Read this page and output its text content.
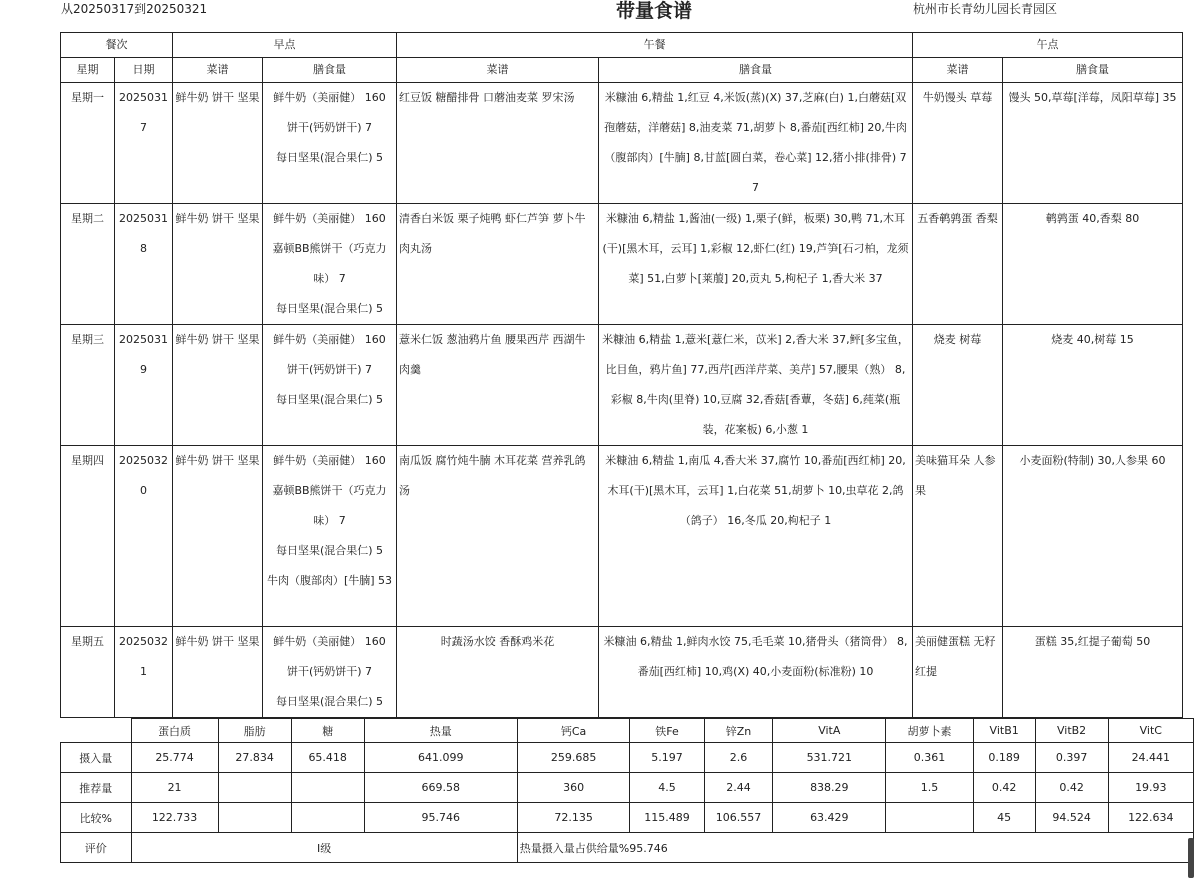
从20250317到20250321	带量食谱	杭州市长青幼儿园长青园区
餐次		早点		午餐		午点	
星期	日期	菜谱	膳食量	菜谱	膳食量	菜谱	膳食量
星期一	20250317	鲜牛奶 饼干 坚果	鲜牛奶（美丽健） 160
饼干(钙奶饼干) 7
每日坚果(混合果仁) 5	红豆饭 糖醋排骨 口蘑油麦菜 罗宋汤	米糠油 6,精盐 1,红豆 4,米饭(蒸)(X) 37,芝麻(白) 1,白蘑菇[双孢蘑菇，洋蘑菇] 8,油麦菜 71,胡萝卜 8,番茄[西红柿] 20,牛肉（腹部肉）[牛腩] 8,甘蓝[圆白菜，卷心菜] 12,猪小排(排骨) 77	牛奶馒头 草莓	馒头 50,草莓[洋莓，凤阳草莓] 35
星期二	20250318	鲜牛奶 饼干 坚果	鲜牛奶（美丽健） 160
嘉顿BB熊饼干（巧克力味） 7
每日坚果(混合果仁) 5	清香白米饭 栗子炖鸭 虾仁芦笋 萝卜牛肉丸汤	米糠油 6,精盐 1,酱油(一级) 1,栗子(鲜，板栗) 30,鸭 71,木耳(干)[黑木耳，云耳] 1,彩椒 12,虾仁(红) 19,芦笋[石刁柏，龙须菜] 51,白萝卜[莱菔] 20,贡丸 5,枸杞子 1,香大米 37	五香鹌鹑蛋 香梨	鹌鹑蛋 40,香梨 80
星期三	20250319	鲜牛奶 饼干 坚果	鲜牛奶（美丽健） 160
饼干(钙奶饼干) 7
每日坚果(混合果仁) 5	薏米仁饭 葱油鸦片鱼 腰果西芹 西湖牛肉羹	米糠油 6,精盐 1,薏米[薏仁米，苡米] 2,香大米 37,鲆[多宝鱼，比目鱼，鸦片鱼] 77,西芹[西洋芹菜、美芹] 57,腰果（熟） 8,彩椒 8,牛肉(里脊) 10,豆腐 32,香菇[香蕈，冬菇] 6,莼菜(瓶装，花案板) 6,小葱 1	烧麦 树莓	烧麦 40,树莓 15
星期四	20250320	鲜牛奶 饼干 坚果	鲜牛奶（美丽健） 160
嘉顿BB熊饼干（巧克力味） 7
每日坚果(混合果仁) 5
牛肉（腹部肉）[牛腩] 53	南瓜饭 腐竹炖牛腩 木耳花菜 营养乳鸽汤	米糠油 6,精盐 1,南瓜 4,香大米 37,腐竹 10,番茄[西红柿] 20,木耳(干)[黑木耳，云耳] 1,白花菜 51,胡萝卜 10,虫草花 2,鸽（鸽子） 16,冬瓜 20,枸杞子 1	美味猫耳朵 人参果	小麦面粉(特制) 30,人参果 60
星期五	20250321	鲜牛奶 饼干 坚果	鲜牛奶（美丽健） 160
饼干(钙奶饼干) 7
每日坚果(混合果仁) 5	时蔬汤水饺 香酥鸡米花	米糠油 6,精盐 1,鲜肉水饺 75,毛毛菜 10,猪骨头（猪筒骨） 8,番茄[西红柿] 10,鸡(X) 40,小麦面粉(标准粉) 10	美丽健蛋糕 无籽红提	蛋糕 35,红提子葡萄 50
	蛋白质	脂肪	糖	热量	钙Ca	铁Fe	锌Zn	VitA	胡萝卜素	VitB1	VitB2	VitC
摄入量	25.774	27.834	65.418	641.099	259.685	5.197	2.6	531.721	0.361	0.189	0.397	24.441
推荐量	21			669.58	360	4.5	2.44	838.29	1.5	0.42	0.42	19.93
比较%	122.733			95.746	72.135	115.489	106.557	63.429		45	94.524	122.634
评价	I级				热量摄入量占供给量%95.746							
